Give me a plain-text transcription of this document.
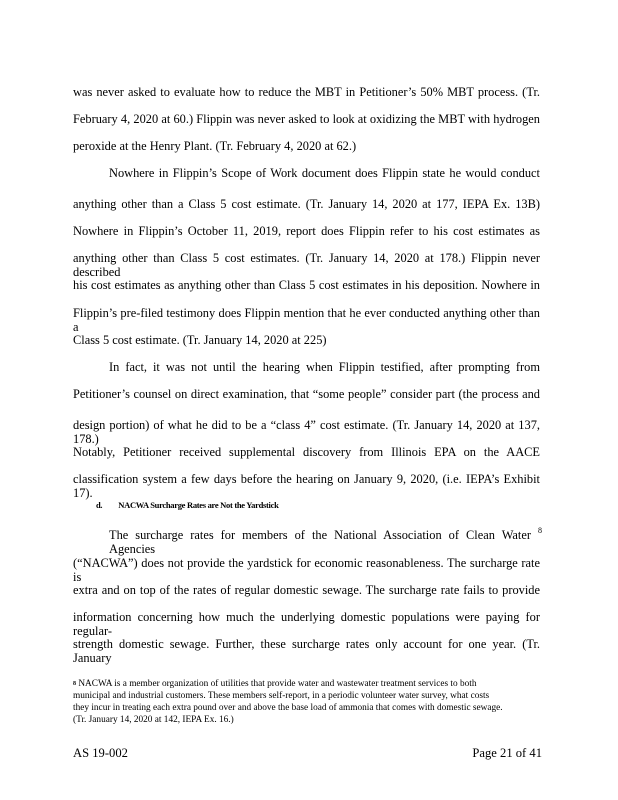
was never asked to evaluate how to reduce the MBT in Petitioner’s 50% MBT process. (Tr.
February 4, 2020 at 60.) Flippin was never asked to look at oxidizing the MBT with hydrogen
peroxide at the Henry Plant. (Tr. February 4, 2020 at 62.)
Nowhere in Flippin’s Scope of Work document does Flippin state he would conduct
anything other than a Class 5 cost estimate. (Tr. January 14, 2020 at 177, IEPA Ex. 13B)
Nowhere in Flippin’s October 11, 2019, report does Flippin refer to his cost estimates as
anything other than Class 5 cost estimates. (Tr. January 14, 2020 at 178.) Flippin never described
his cost estimates as anything other than Class 5 cost estimates in his deposition. Nowhere in
Flippin’s pre-filed testimony does Flippin mention that he ever conducted anything other than a
Class 5 cost estimate. (Tr. January 14, 2020 at 225)
In fact, it was not until the hearing when Flippin testified, after prompting from
Petitioner’s counsel on direct examination, that “some people” consider part (the process and
design portion) of what he did to be a “class 4” cost estimate. (Tr. January 14, 2020 at 137, 178.)
Notably, Petitioner received supplemental discovery from Illinois EPA on the AACE
classification system a few days before the hearing on January 9, 2020, (i.e. IEPA’s Exhibit 17).
d. NACWA Surcharge Rates are Not the Yardstick
The surcharge rates for members of the National Association of Clean Water Agencies
8
(“NACWA”) does not provide the yardstick for economic reasonableness. The surcharge rate is
extra and on top of the rates of regular domestic sewage. The surcharge rate fails to provide
information concerning how much the underlying domestic populations were paying for regular-
strength domestic sewage. Further, these surcharge rates only account for one year. (Tr. January
$^8$ NACWA is a member organization of utilities that provide water and wastewater treatment services to both
municipal and industrial customers. These members self-report, in a periodic volunteer water survey, what costs
they incur in treating each extra pound over and above the base load of ammonia that comes with domestic sewage.
(Tr. January 14, 2020 at 142, IEPA Ex. 16.)
AS 19-002	Page 21 of 41
